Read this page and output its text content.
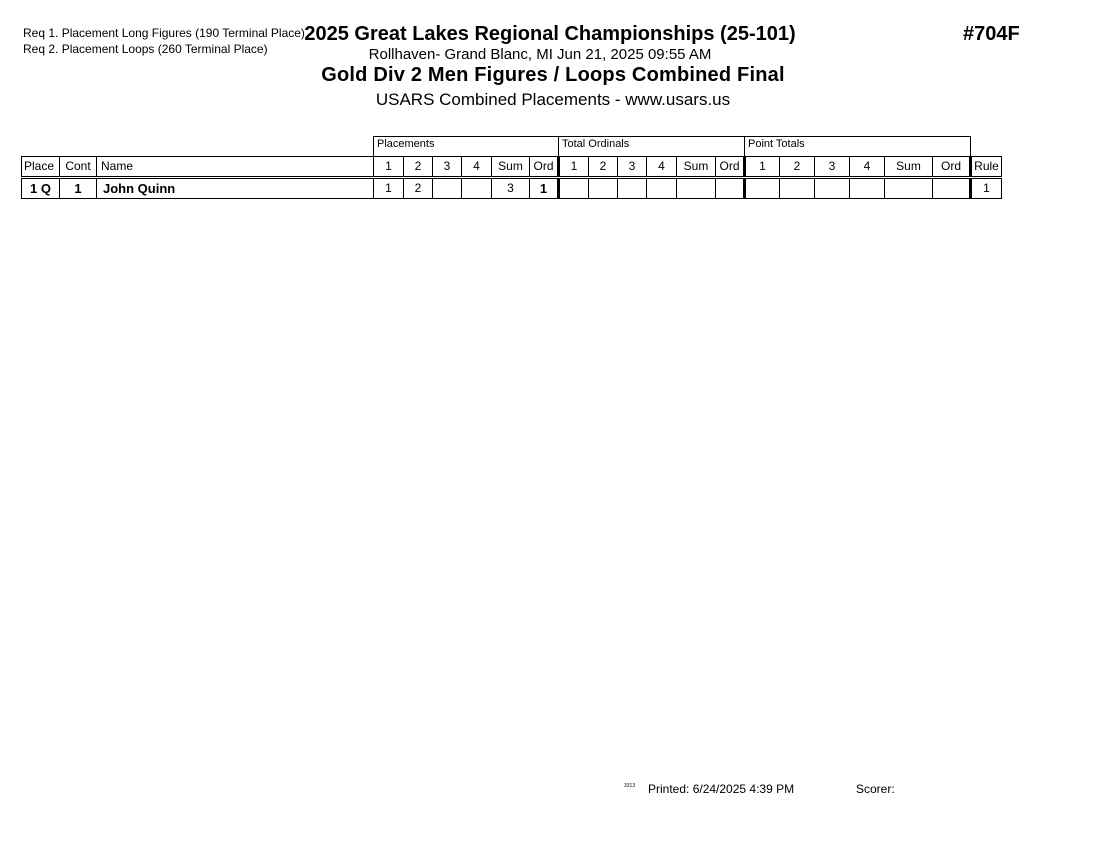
Req 1. Placement Long Figures (190 Terminal Place)
Req 2. Placement Loops (260 Terminal Place)
2025 Great Lakes Regional Championships (25-101)
Rollhaven- Grand Blanc, MI Jun 21, 2025 09:55 AM
Gold Div 2 Men Figures / Loops Combined Final
USARS Combined Placements - www.usars.us
#704F
			Placements						Total Ordinals						Point Totals						
Place	Cont	Name	1	2	3	4	Sum	Ord	1	2	3	4	Sum	Ord	1	2	3	4	Sum	Ord	Rule
1 Q	1	John Quinn	1	2			3	1													1
3313 Printed: 6/24/2025 4:39 PM	Scorer:
